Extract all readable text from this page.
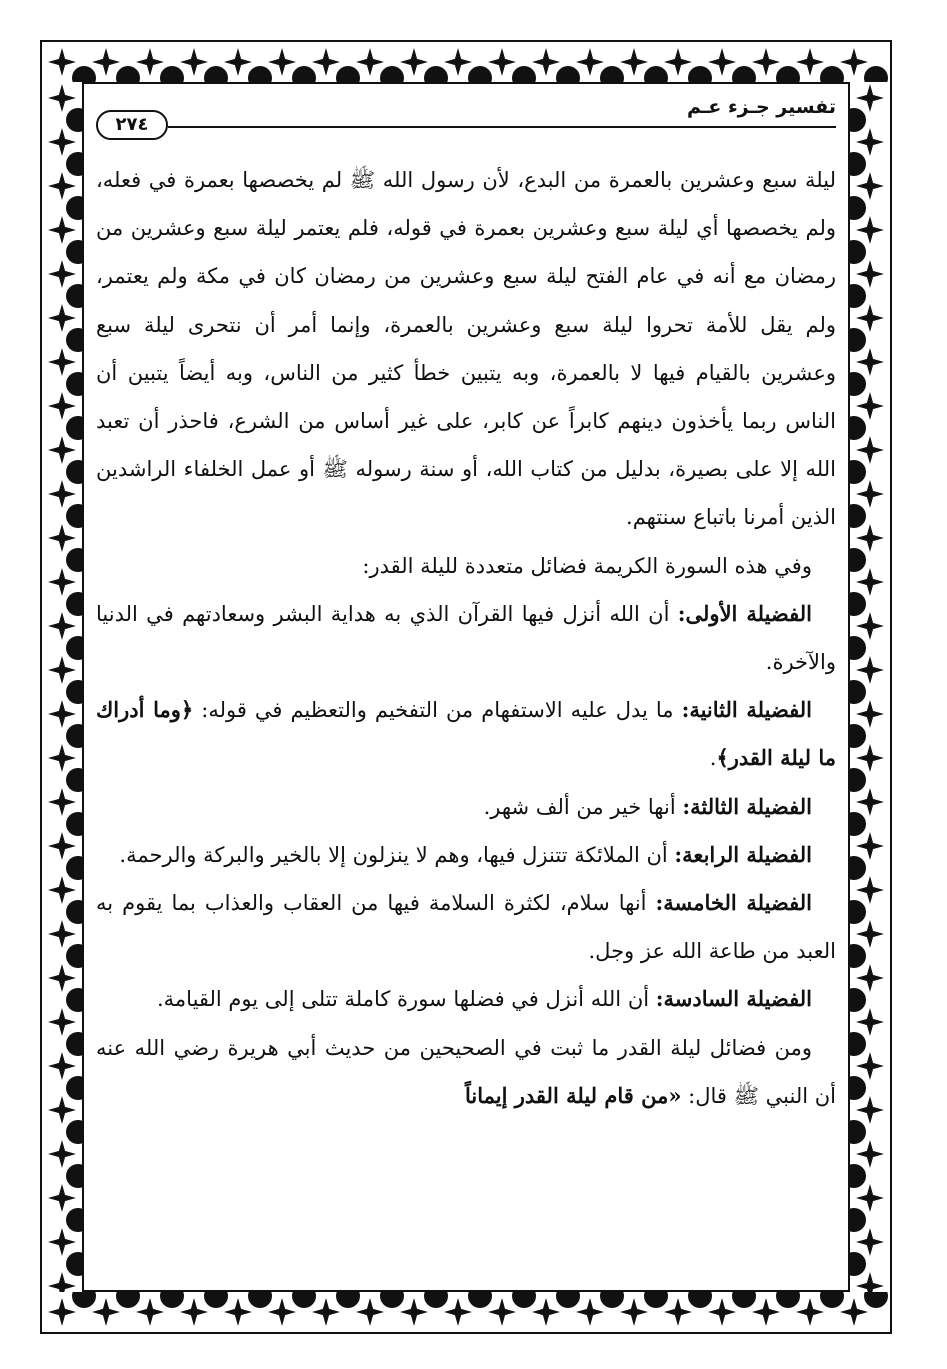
تفسير جـزء عـم
٢٧٤

ليلة سبع وعشرين بالعمرة من البدع، لأن رسول الله ﷺ لم يخصصها بعمرة في فعله، ولم يخصصها أي ليلة سبع وعشرين بعمرة في قوله، فلم يعتمر ليلة سبع وعشرين من رمضان مع أنه في عام الفتح ليلة سبع وعشرين من رمضان كان في مكة ولم يعتمر، ولم يقل للأمة تحروا ليلة سبع وعشرين بالعمرة، وإنما أمر أن نتحرى ليلة سبع وعشرين بالقيام فيها لا بالعمرة، وبه يتبين خطأ كثير من الناس، وبه أيضاً يتبين أن الناس ربما يأخذون دينهم كابراً عن كابر، على غير أساس من الشرع، فاحذر أن تعبد الله إلا على بصيرة، بدليل من كتاب الله، أو سنة رسوله ﷺ أو عمل الخلفاء الراشدين الذين أمرنا باتباع سنتهم.

وفي هذه السورة الكريمة فضائل متعددة لليلة القدر:

الفضيلة الأولى: أن الله أنزل فيها القرآن الذي به هداية البشر وسعادتهم في الدنيا والآخرة.

الفضيلة الثانية: ما يدل عليه الاستفهام من التفخيم والتعظيم في قوله: ﴿وما أدراك ما ليلة القدر﴾.

الفضيلة الثالثة: أنها خير من ألف شهر.

الفضيلة الرابعة: أن الملائكة تتنزل فيها، وهم لا ينزلون إلا بالخير والبركة والرحمة.

الفضيلة الخامسة: أنها سلام، لكثرة السلامة فيها من العقاب والعذاب بما يقوم به العبد من طاعة الله عز وجل.

الفضيلة السادسة: أن الله أنزل في فضلها سورة كاملة تتلى إلى يوم القيامة.

ومن فضائل ليلة القدر ما ثبت في الصحيحين من حديث أبي هريرة رضي الله عنه أن النبي ﷺ قال: «من قام ليلة القدر إيماناً
